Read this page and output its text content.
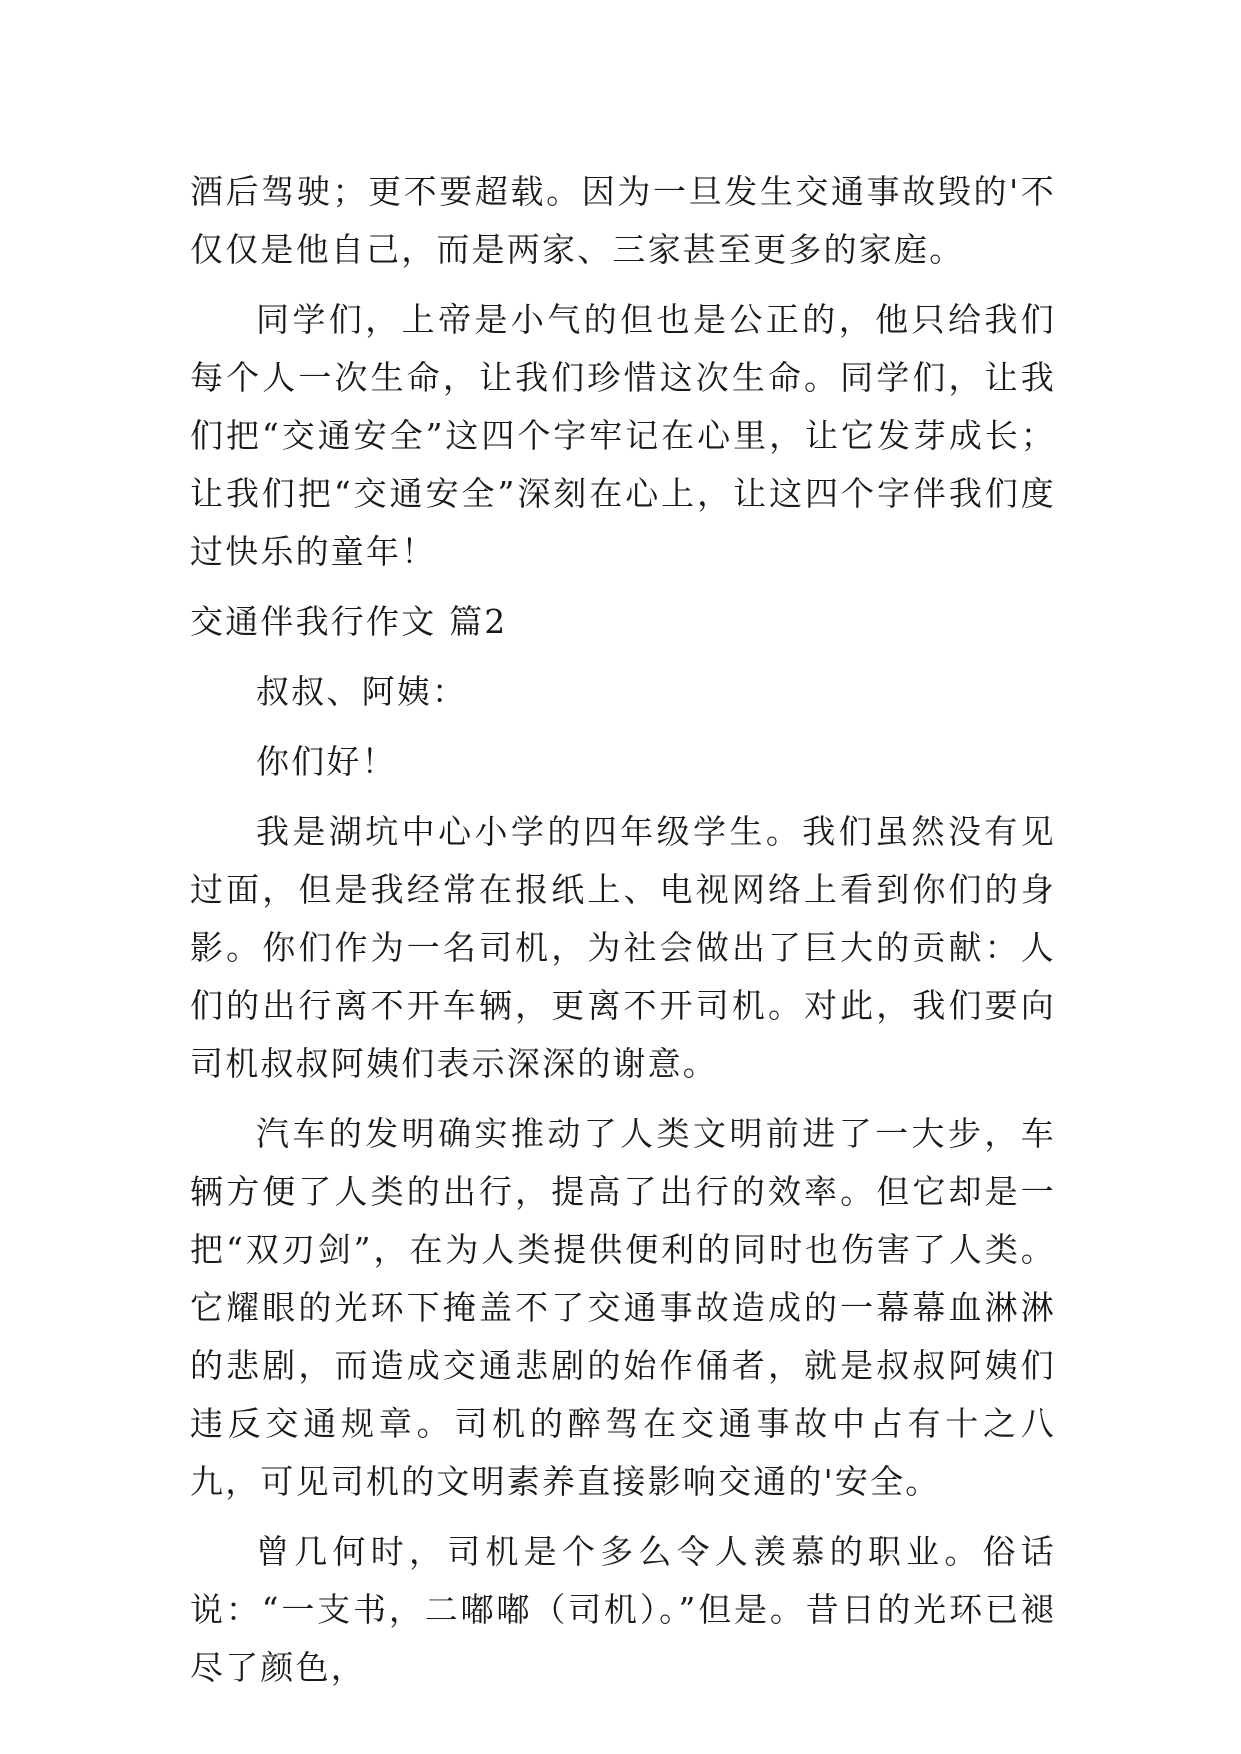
酒后驾驶；更不要超载。因为一旦发生交通事故毁的'不仅仅是他自己，而是两家、三家甚至更多的家庭。

同学们，上帝是小气的但也是公正的，他只给我们每个人一次生命，让我们珍惜这次生命。同学们，让我们把“交通安全”这四个字牢记在心里，让它发芽成长；让我们把“交通安全”深刻在心上，让这四个字伴我们度过快乐的童年！

交通伴我行作文 篇2

叔叔、阿姨：

你们好！

我是湖坑中心小学的四年级学生。我们虽然没有见过面，但是我经常在报纸上、电视网络上看到你们的身影。你们作为一名司机，为社会做出了巨大的贡献：人们的出行离不开车辆，更离不开司机。对此，我们要向司机叔叔阿姨们表示深深的谢意。

汽车的发明确实推动了人类文明前进了一大步，车辆方便了人类的出行，提高了出行的效率。但它却是一把“双刃剑”，在为人类提供便利的同时也伤害了人类。它耀眼的光环下掩盖不了交通事故造成的一幕幕血淋淋的悲剧，而造成交通悲剧的始作俑者，就是叔叔阿姨们违反交通规章。司机的醉驾在交通事故中占有十之八九，可见司机的文明素养直接影响交通的'安全。

曾几何时，司机是个多么令人羡慕的职业。俗话说：“一支书，二嘟嘟（司机）。”但是。昔日的光环已褪尽了颜色，
